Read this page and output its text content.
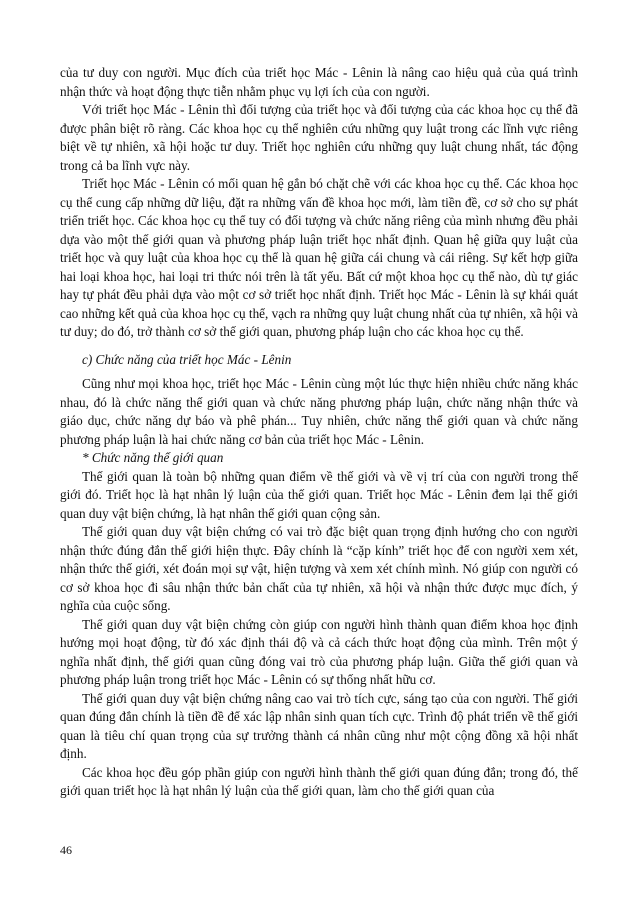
của tư duy con người. Mục đích của triết học Mác - Lênin là nâng cao hiệu quả của quá trình nhận thức và hoạt động thực tiễn nhằm phục vụ lợi ích của con người.

Với triết học Mác - Lênin thì đối tượng của triết học và đối tượng của các khoa học cụ thể đã được phân biệt rõ ràng. Các khoa học cụ thể nghiên cứu những quy luật trong các lĩnh vực riêng biệt về tự nhiên, xã hội hoặc tư duy. Triết học nghiên cứu những quy luật chung nhất, tác động trong cả ba lĩnh vực này.

Triết học Mác - Lênin có mối quan hệ gắn bó chặt chẽ với các khoa học cụ thể. Các khoa học cụ thể cung cấp những dữ liệu, đặt ra những vấn đề khoa học mới, làm tiền đề, cơ sở cho sự phát triển triết học. Các khoa học cụ thể tuy có đối tượng và chức năng riêng của mình nhưng đều phải dựa vào một thế giới quan và phương pháp luận triết học nhất định. Quan hệ giữa quy luật của triết học và quy luật của khoa học cụ thể là quan hệ giữa cái chung và cái riêng. Sự kết hợp giữa hai loại khoa học, hai loại tri thức nói trên là tất yếu. Bất cứ một khoa học cụ thể nào, dù tự giác hay tự phát đều phải dựa vào một cơ sở triết học nhất định. Triết học Mác - Lênin là sự khái quát cao những kết quả của khoa học cụ thể, vạch ra những quy luật chung nhất của tự nhiên, xã hội và tư duy; do đó, trở thành cơ sở thế giới quan, phương pháp luận cho các khoa học cụ thể.

c) Chức năng của triết học Mác - Lênin

Cũng như mọi khoa học, triết học Mác - Lênin cùng một lúc thực hiện nhiều chức năng khác nhau, đó là chức năng thế giới quan và chức năng phương pháp luận, chức năng nhận thức và giáo dục, chức năng dự báo và phê phán... Tuy nhiên, chức năng thế giới quan và chức năng phương pháp luận là hai chức năng cơ bản của triết học Mác - Lênin.

* Chức năng thế giới quan

Thế giới quan là toàn bộ những quan điểm về thế giới và về vị trí của con người trong thế giới đó. Triết học là hạt nhân lý luận của thế giới quan. Triết học Mác - Lênin đem lại thế giới quan duy vật biện chứng, là hạt nhân thế giới quan cộng sản.

Thế giới quan duy vật biện chứng có vai trò đặc biệt quan trọng định hướng cho con người nhận thức đúng đắn thế giới hiện thực. Đây chính là “cặp kính” triết học để con người xem xét, nhận thức thế giới, xét đoán mọi sự vật, hiện tượng và xem xét chính mình. Nó giúp con người có cơ sở khoa học đi sâu nhận thức bản chất của tự nhiên, xã hội và nhận thức được mục đích, ý nghĩa của cuộc sống.

Thế giới quan duy vật biện chứng còn giúp con người hình thành quan điểm khoa học định hướng mọi hoạt động, từ đó xác định thái độ và cả cách thức hoạt động của mình. Trên một ý nghĩa nhất định, thế giới quan cũng đóng vai trò của phương pháp luận. Giữa thế giới quan và phương pháp luận trong triết học Mác - Lênin có sự thống nhất hữu cơ.

Thế giới quan duy vật biện chứng nâng cao vai trò tích cực, sáng tạo của con người. Thế giới quan đúng đắn chính là tiền đề để xác lập nhân sinh quan tích cực. Trình độ phát triển về thế giới quan là tiêu chí quan trọng của sự trưởng thành cá nhân cũng như một cộng đồng xã hội nhất định.

Các khoa học đều góp phần giúp con người hình thành thế giới quan đúng đắn; trong đó, thế giới quan triết học là hạt nhân lý luận của thế giới quan, làm cho thế giới quan của

46
